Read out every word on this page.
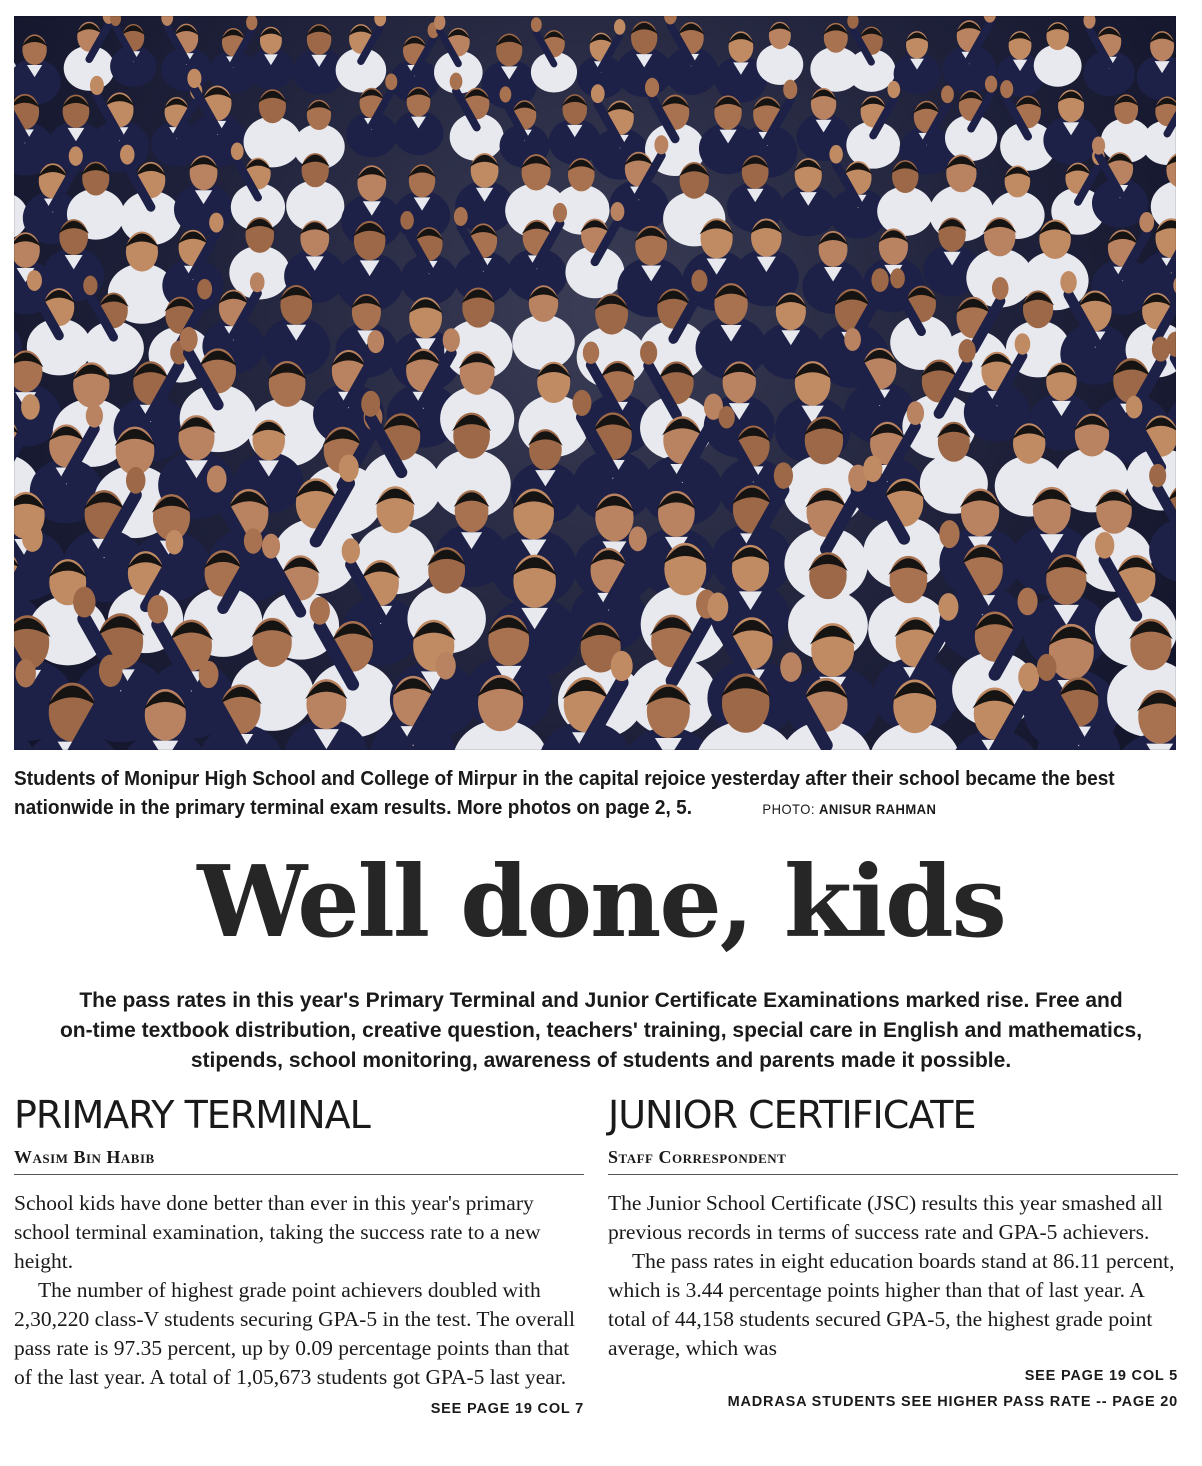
Students of Monipur High School and College of Mirpur in the capital rejoice yesterday after their school became the best nationwide in the primary terminal exam results. More photos on page 2, 5.	PHOTO: ANISUR RAHMAN
Well done, kids
The pass rates in this year's Primary Terminal and Junior Certificate Examinations marked rise. Free and
on-time textbook distribution, creative question, teachers' training, special care in English and mathematics,
stipends, school monitoring, awareness of students and parents made it possible.
PRIMARY TERMINAL
Wasim Bin Habib

School kids have done better than ever in this year's primary school terminal examination, taking the success rate to a new height.

The number of highest grade point achievers doubled with 2,30,220 class-V students securing GPA-5 in the test. The overall pass rate is 97.35 percent, up by 0.09 percentage points than that of the last year. A total of 1,05,673 students got GPA-5 last year.

SEE PAGE 19 COL 7
JUNIOR CERTIFICATE
Staff Correspondent

The Junior School Certificate (JSC) results this year smashed all previous records in terms of success rate and GPA-5 achievers.

The pass rates in eight education boards stand at 86.11 percent, which is 3.44 percentage points higher than that of last year. A total of 44,158 students secured GPA-5, the highest grade point average, which was

SEE PAGE 19 COL 5
MADRASA STUDENTS SEE HIGHER PASS RATE -- PAGE 20
